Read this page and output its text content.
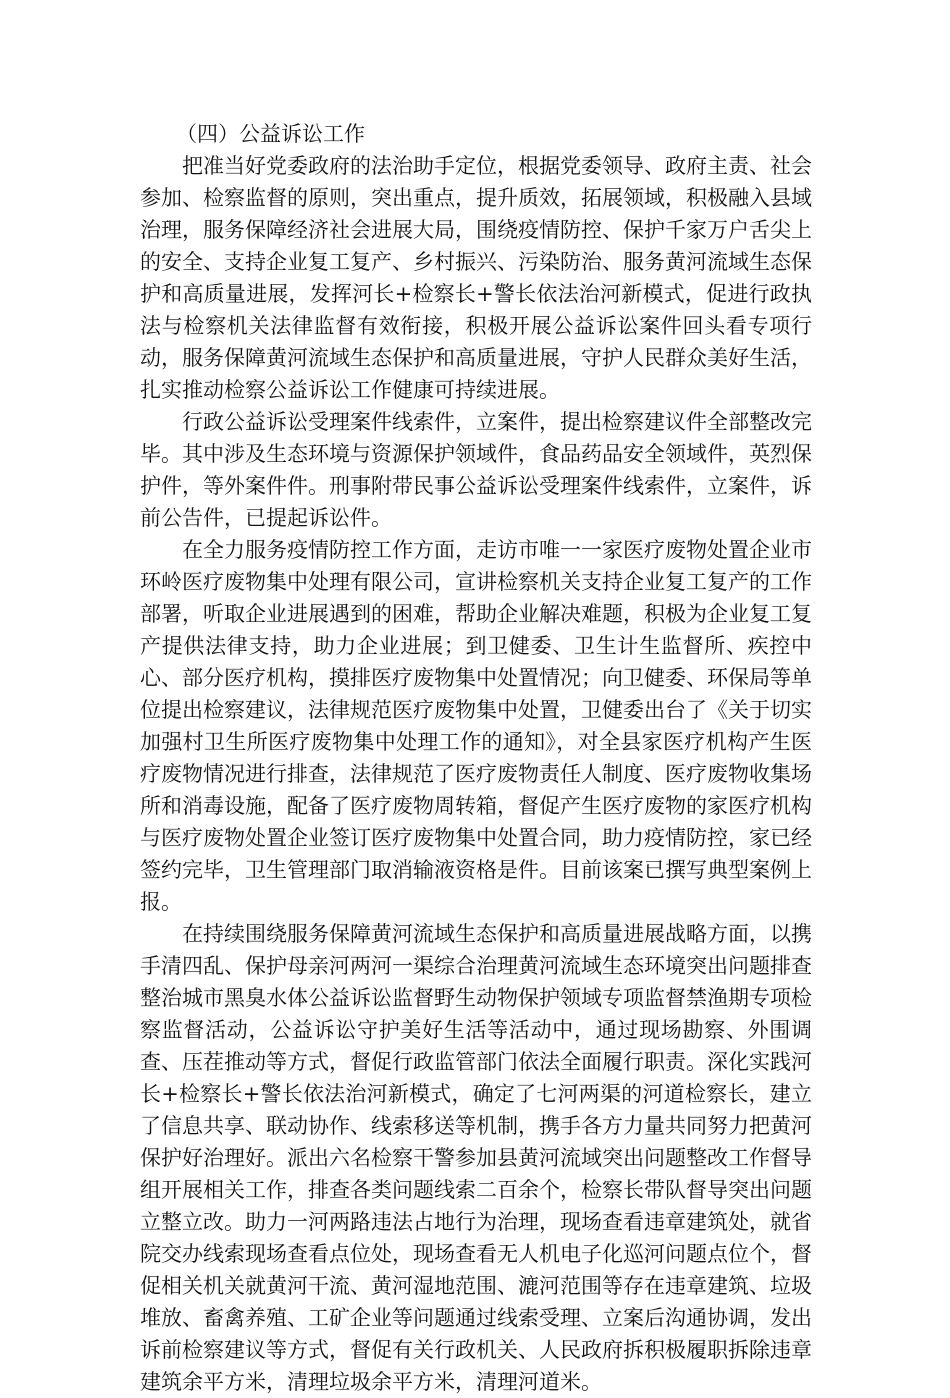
（四）公益诉讼工作

把准当好党委政府的法治助手定位，根据党委领导、政府主责、社会参加、检察监督的原则，突出重点，提升质效，拓展领域，积极融入县域治理，服务保障经济社会进展大局，围绕疫情防控、保护千家万户舌尖上的安全、支持企业复工复产、乡村振兴、污染防治、服务黄河流域生态保护和高质量进展，发挥河长+检察长+警长依法治河新模式，促进行政执法与检察机关法律监督有效衔接，积极开展公益诉讼案件回头看专项行动，服务保障黄河流域生态保护和高质量进展，守护人民群众美好生活，扎实推动检察公益诉讼工作健康可持续进展。

行政公益诉讼受理案件线索件，立案件，提出检察建议件全部整改完毕。其中涉及生态环境与资源保护领域件，食品药品安全领域件，英烈保护件，等外案件件。刑事附带民事公益诉讼受理案件线索件，立案件，诉前公告件，已提起诉讼件。

在全力服务疫情防控工作方面，走访市唯一一家医疗废物处置企业市环岭医疗废物集中处理有限公司，宣讲检察机关支持企业复工复产的工作部署，听取企业进展遇到的困难，帮助企业解决难题，积极为企业复工复产提供法律支持，助力企业进展；到卫健委、卫生计生监督所、疾控中心、部分医疗机构，摸排医疗废物集中处置情况；向卫健委、环保局等单位提出检察建议，法律规范医疗废物集中处置，卫健委出台了《关于切实加强村卫生所医疗废物集中处理工作的通知》，对全县家医疗机构产生医疗废物情况进行排查，法律规范了医疗废物责任人制度、医疗废物收集场所和消毒设施，配备了医疗废物周转箱，督促产生医疗废物的家医疗机构与医疗废物处置企业签订医疗废物集中处置合同，助力疫情防控，家已经签约完毕，卫生管理部门取消输液资格是件。目前该案已撰写典型案例上报。

在持续围绕服务保障黄河流域生态保护和高质量进展战略方面，以携手清四乱、保护母亲河两河一渠综合治理黄河流域生态环境突出问题排查整治城市黑臭水体公益诉讼监督野生动物保护领域专项监督禁渔期专项检察监督活动，公益诉讼守护美好生活等活动中，通过现场勘察、外围调查、压茬推动等方式，督促行政监管部门依法全面履行职责。深化实践河长+检察长+警长依法治河新模式，确定了七河两渠的河道检察长，建立了信息共享、联动协作、线索移送等机制，携手各方力量共同努力把黄河保护好治理好。派出六名检察干警参加县黄河流域突出问题整改工作督导组开展相关工作，排查各类问题线索二百余个，检察长带队督导突出问题立整立改。助力一河两路违法占地行为治理，现场查看违章建筑处，就省院交办线索现场查看点位处，现场查看无人机电子化巡河问题点位个，督促相关机关就黄河干流、黄河湿地范围、漉河范围等存在违章建筑、垃圾堆放、畜禽养殖、工矿企业等问题通过线索受理、立案后沟通协调，发出诉前检察建议等方式，督促有关行政机关、人民政府拆积极履职拆除违章建筑余平方米，清理垃圾余平方米，清理河道米。
